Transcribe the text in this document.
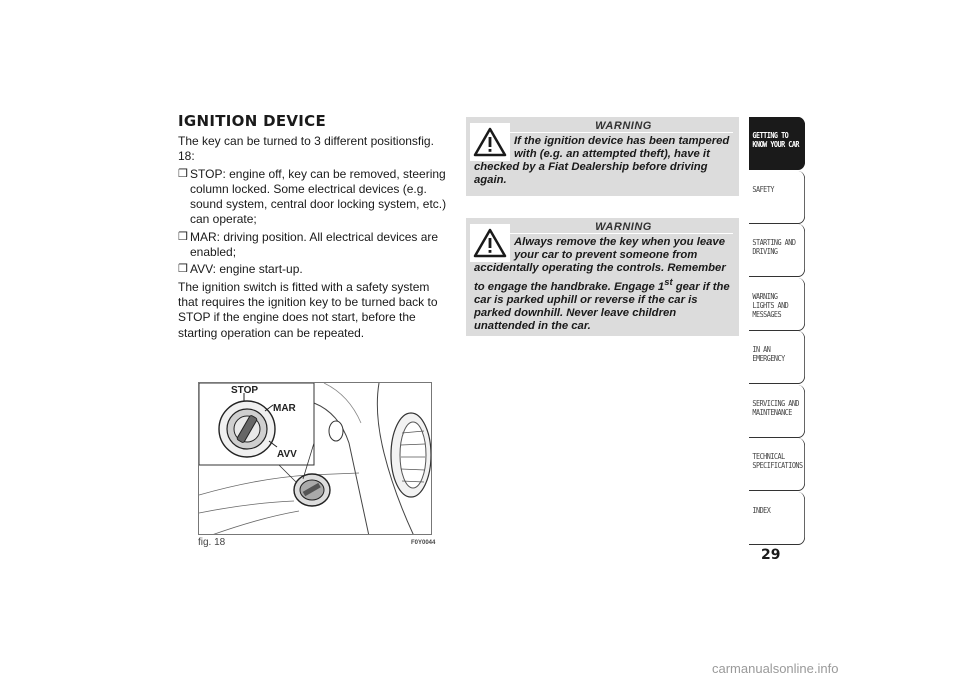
IGNITION DEVICE

The key can be turned to 3 different positionsfig. 18:

❒ STOP: engine off, key can be removed, steering column locked. Some electrical devices (e.g. sound system, central door locking system, etc.) can operate;
❒ MAR: driving position. All electrical devices are enabled;
❒ AVV: engine start-up.

The ignition switch is fitted with a safety system that requires the ignition key to be turned back to STOP if the engine does not start, before the starting operation can be repeated.

STOP
MAR
AVV
fig. 18	F0Y0044
WARNING
If the ignition device has been tampered with (e.g. an attempted theft), have it checked by a Fiat Dealership before driving again.
WARNING
Always remove the key when you leave your car to prevent someone from accidentally operating the controls. Remember to engage the handbrake. Engage 1st gear if the car is parked uphill or reverse if the car is parked downhill. Never leave children unattended in the car.
GETTING TO KNOW YOUR CAR
SAFETY
STARTING AND DRIVING
WARNING LIGHTS AND MESSAGES
IN AN EMERGENCY
SERVICING AND MAINTENANCE
TECHNICAL SPECIFICATIONS
INDEX
29
carmanualsonline.info
